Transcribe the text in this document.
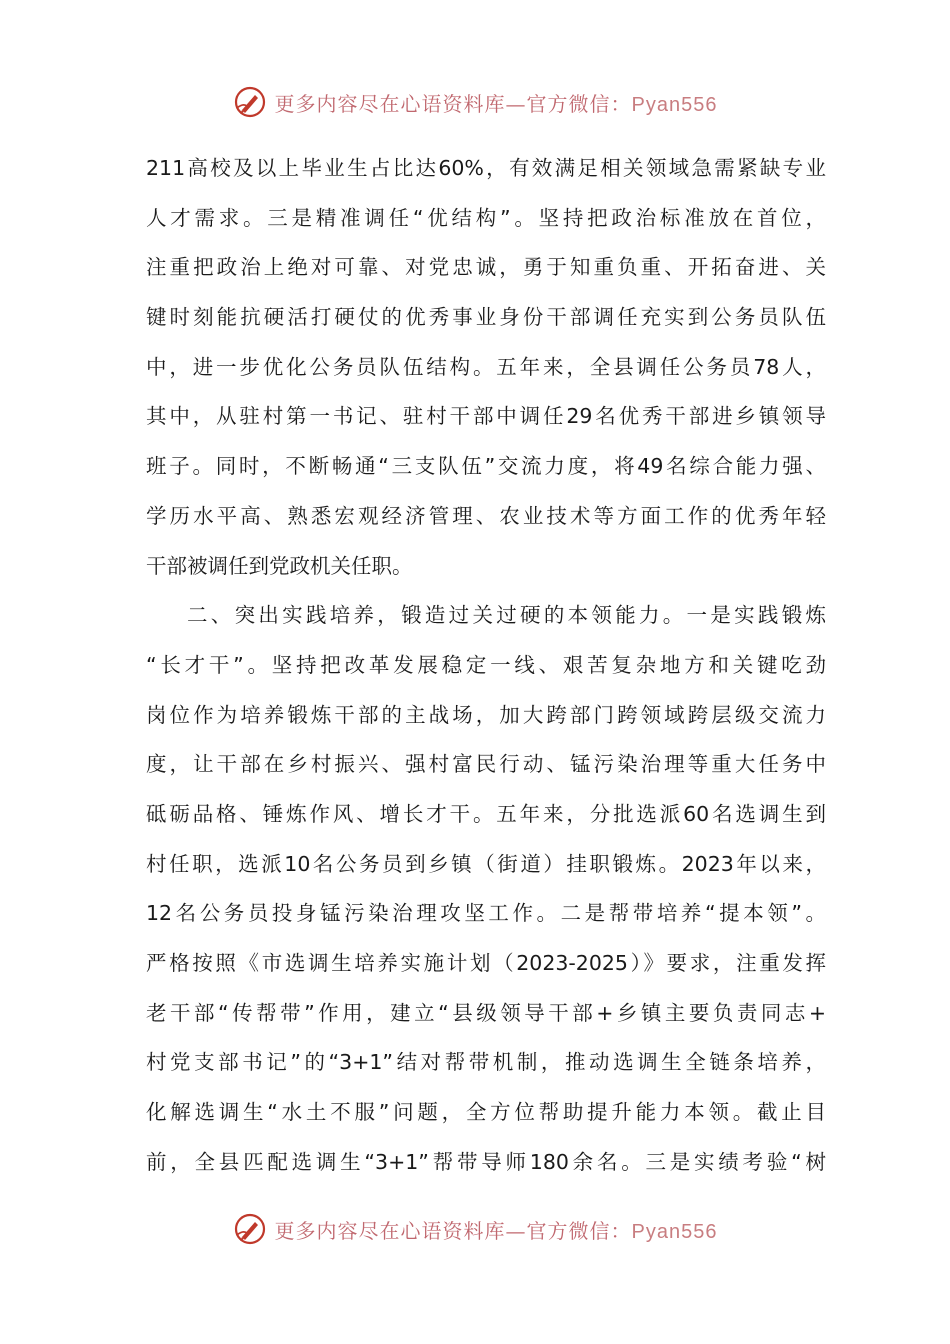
更多内容尽在心语资料库—官方微信：Pyan556
211高校及以上毕业生占比达60%，有效满足相关领域急需紧缺专业
人才需求。三是精准调任“优结构”。坚持把政治标准放在首位，
注重把政治上绝对可靠、对党忠诚，勇于知重负重、开拓奋进、关
键时刻能抗硬活打硬仗的优秀事业身份干部调任充实到公务员队伍
中，进一步优化公务员队伍结构。五年来，全县调任公务员78人，
其中，从驻村第一书记、驻村干部中调任29名优秀干部进乡镇领导
班子。同时，不断畅通“三支队伍”交流力度，将49名综合能力强、
学历水平高、熟悉宏观经济管理、农业技术等方面工作的优秀年轻
干部被调任到党政机关任职。
二、突出实践培养，锻造过关过硬的本领能力。一是实践锻炼
“长才干”。坚持把改革发展稳定一线、艰苦复杂地方和关键吃劲
岗位作为培养锻炼干部的主战场，加大跨部门跨领域跨层级交流力
度，让干部在乡村振兴、强村富民行动、锰污染治理等重大任务中
砥砺品格、锤炼作风、增长才干。五年来，分批选派60名选调生到
村任职，选派10名公务员到乡镇（街道）挂职锻炼。2023年以来，
12名公务员投身锰污染治理攻坚工作。二是帮带培养“提本领”。
严格按照《市选调生培养实施计划（2023-2025）》要求，注重发挥
老干部“传帮带”作用，建立“县级领导干部+乡镇主要负责同志+
村党支部书记”的“3+1”结对帮带机制，推动选调生全链条培养，
化解选调生“水土不服”问题，全方位帮助提升能力本领。截止目
前，全县匹配选调生“3+1”帮带导师180余名。三是实绩考验“树
更多内容尽在心语资料库—官方微信：Pyan556
